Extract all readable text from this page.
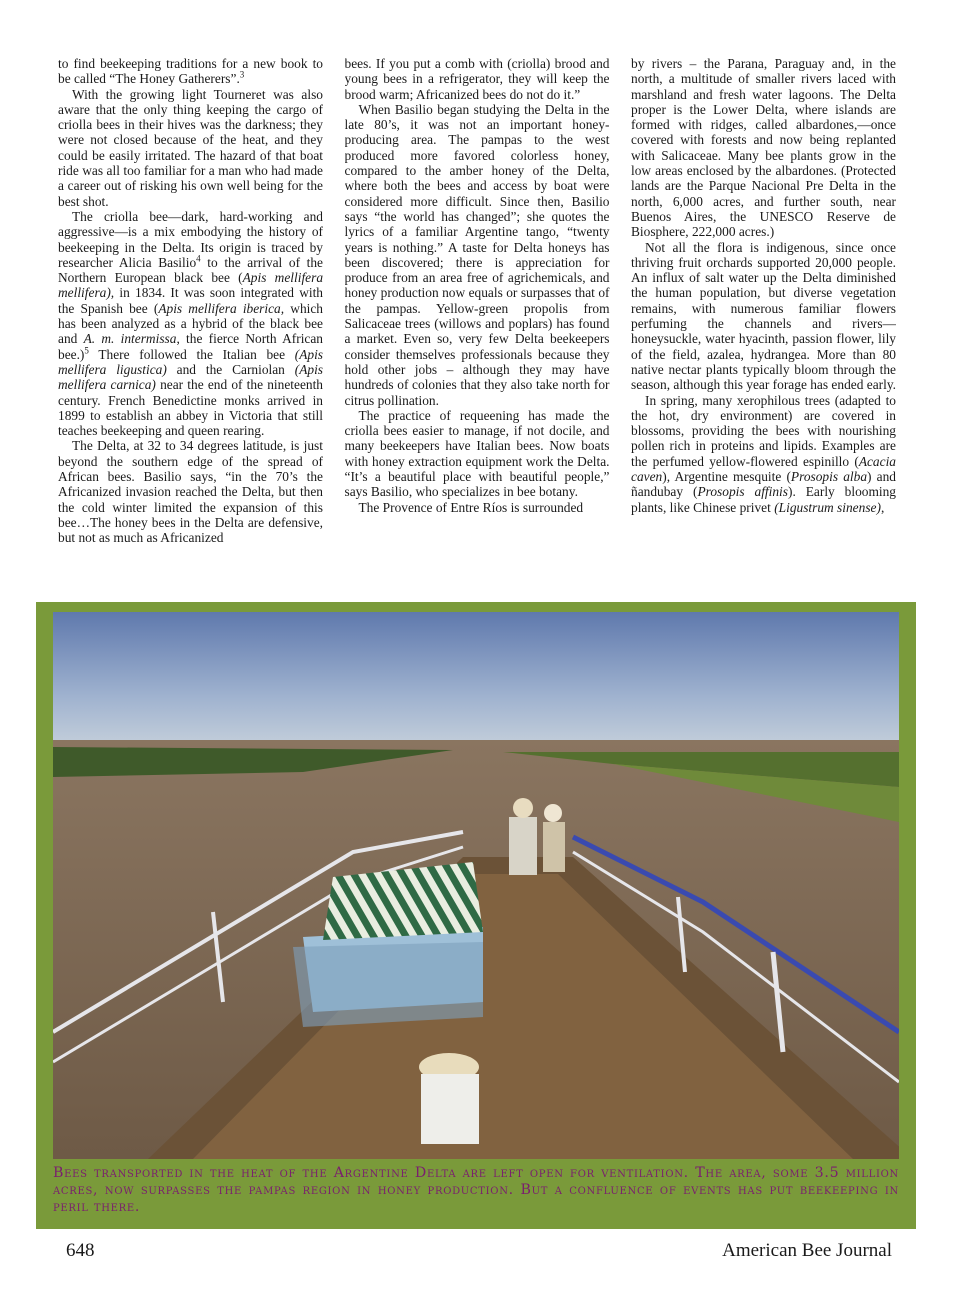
to find beekeeping traditions for a new book to be called “The Honey Gatherers”.$^3$

With the growing light Tourneret was also aware that the only thing keeping the cargo of criolla bees in their hives was the darkness; they were not closed because of the heat, and they could be easily irritated. The hazard of that boat ride was all too familiar for a man who had made a career out of risking his own well being for the best shot.

The criolla bee—dark, hard-working and aggressive—is a mix embodying the history of beekeeping in the Delta. Its origin is traced by researcher Alicia Basilio$^4$ to the arrival of the Northern European black bee (Apis mellifera mellifera), in 1834. It was soon integrated with the Spanish bee (Apis mellifera iberica, which has been analyzed as a hybrid of the black bee and A. m. intermissa, the fierce North African bee.)$^5$ There followed the Italian bee (Apis mellifera ligustica) and the Carniolan (Apis mellifera carnica) near the end of the nineteenth century. French Benedictine monks arrived in 1899 to establish an abbey in Victoria that still teaches beekeeping and queen rearing.

The Delta, at 32 to 34 degrees latitude, is just beyond the southern edge of the spread of African bees. Basilio says, “in the 70’s the Africanized invasion reached the Delta, but then the cold winter limited the expansion of this bee…The honey bees in the Delta are defensive, but not as much as Africanized

bees. If you put a comb with (criolla) brood and young bees in a refrigerator, they will keep the brood warm; Africanized bees do not do it.”

When Basilio began studying the Delta in the late 80’s, it was not an important honey-producing area. The pampas to the west produced more favored colorless honey, compared to the amber honey of the Delta, where both the bees and access by boat were considered more difficult. Since then, Basilio says “the world has changed”; she quotes the lyrics of a familiar Argentine tango, “twenty years is nothing.” A taste for Delta honeys has been discovered; there is appreciation for produce from an area free of agrichemicals, and honey production now equals or surpasses that of the pampas. Yellow-green propolis from Salicaceae trees (willows and poplars) has found a market. Even so, very few Delta beekeepers consider themselves professionals because they hold other jobs – although they may have hundreds of colonies that they also take north for citrus pollination.

The practice of requeening has made the criolla bees easier to manage, if not docile, and many beekeepers have Italian bees. Now boats with honey extraction equipment work the Delta. “It’s a beautiful place with beautiful people,” says Basilio, who specializes in bee botany.

The Provence of Entre Ríos is surrounded

by rivers – the Parana, Paraguay and, in the north, a multitude of smaller rivers laced with marshland and fresh water lagoons. The Delta proper is the Lower Delta, where islands are formed with ridges, called albardones,—once covered with forests and now being replanted with Salicaceae. Many bee plants grow in the low areas enclosed by the albardones. (Protected lands are the Parque Nacional Pre Delta in the north, 6,000 acres, and further south, near Buenos Aires, the UNESCO Reserve de Biosphere, 222,000 acres.)

Not all the flora is indigenous, since once thriving fruit orchards supported 20,000 people. An influx of salt water up the Delta diminished the human population, but diverse vegetation remains, with numerous familiar flowers perfuming the channels and rivers—honeysuckle, water hyacinth, passion flower, lily of the field, azalea, hydrangea. More than 80 native nectar plants typically bloom through the season, although this year forage has ended early.

In spring, many xerophilous trees (adapted to the hot, dry environment) are covered in blossoms, providing the bees with nourishing pollen rich in proteins and lipids. Examples are the perfumed yellow-flowered espinillo (Acacia caven), Argentine mesquite (Prosopis alba) and ñandubay (Prosopis affinis). Early blooming plants, like Chinese privet (Ligustrum sinense),

Bees transported in the heat of the Argentine Delta are left open for ventilation. The area, some 3.5 million acres, now surpasses the pampas region in honey production. But a confluence of events has put beekeeping in peril there.
648	American Bee Journal
